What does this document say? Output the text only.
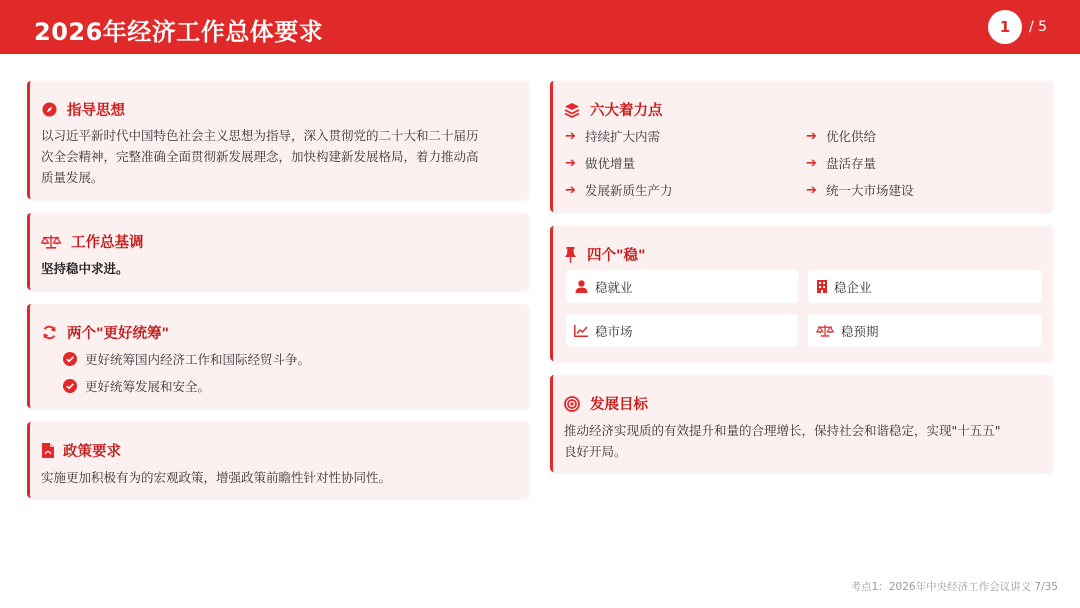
2026年经济工作总体要求	1	/ 5
指导思想
以习近平新时代中国特色社会主义思想为指导，深入贯彻党的二十大和二十届历
次全会精神，完整准确全面贯彻新发展理念，加快构建新发展格局，着力推动高
质量发展。
工作总基调
坚持稳中求进。
两个"更好统筹"
更好统筹国内经济工作和国际经贸斗争。
更好统筹发展和安全。
政策要求
实施更加积极有为的宏观政策，增强政策前瞻性针对性协同性。
六大着力点
➔ 持续扩大内需	➔ 优化供给
➔ 做优增量	➔ 盘活存量
➔ 发展新质生产力	➔ 统一大市场建设
四个"稳"
稳就业	稳企业
稳市场	稳预期
发展目标
推动经济实现质的有效提升和量的合理增长，保持社会和谐稳定，实现"十五五"
良好开局。
考点1：2026年中央经济工作会议讲义 7/35
